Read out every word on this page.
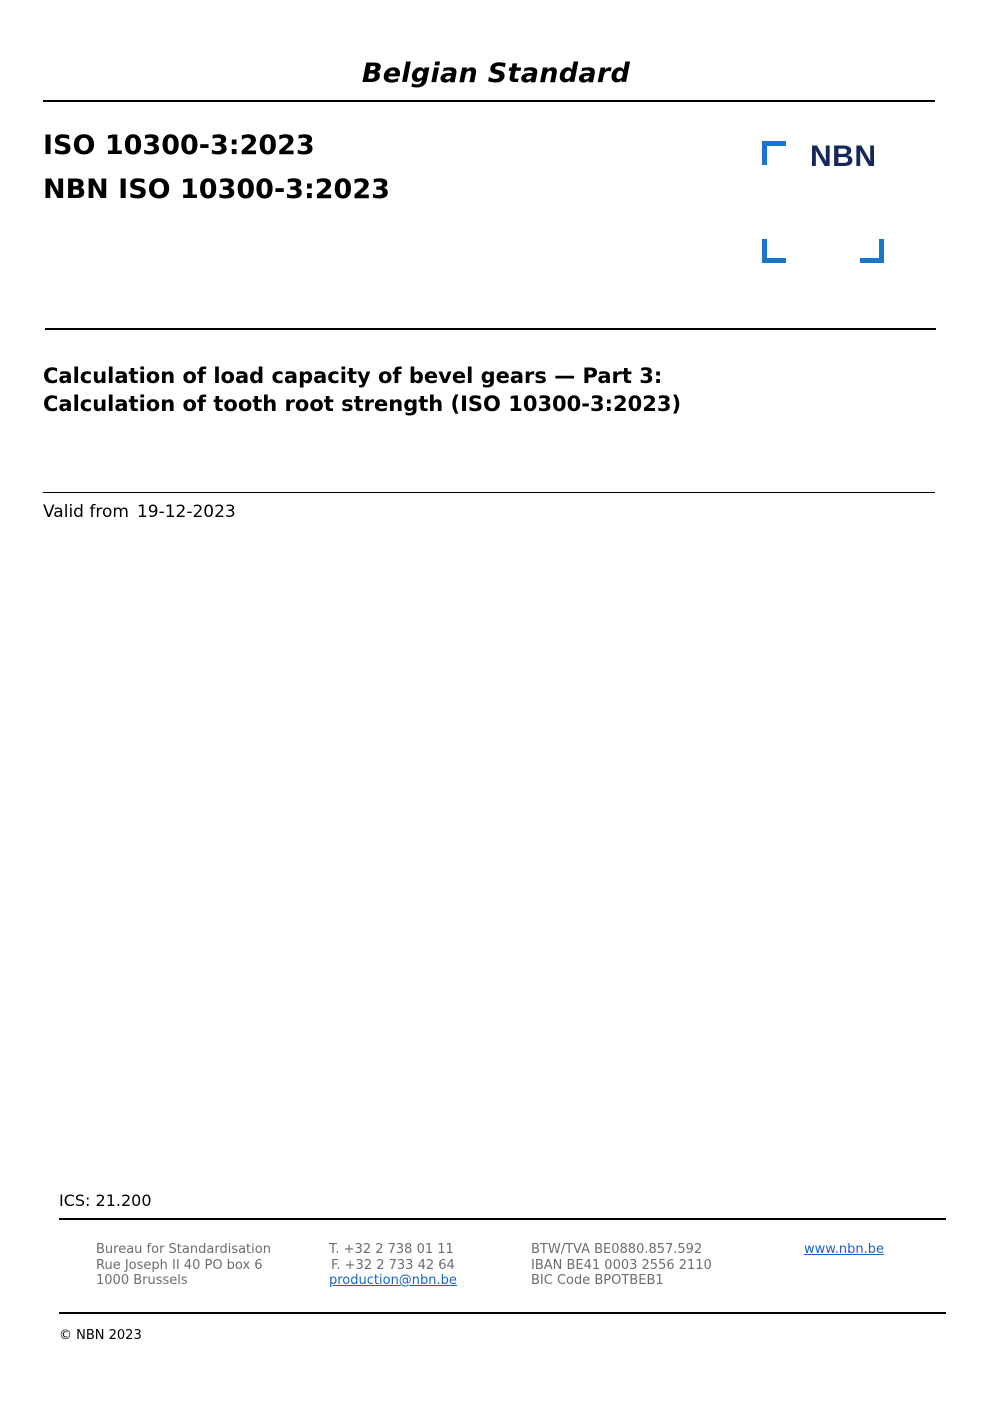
Belgian Standard
ISO 10300-3:2023
NBN ISO 10300-3:2023
NBN
Calculation of load capacity of bevel gears — Part 3:
Calculation of tooth root strength (ISO 10300-3:2023)
Valid from 19-12-2023
ICS: 21.200
Bureau for Standardisation
Rue Joseph II 40 PO box 6
1000 Brussels
T. +32 2 738 01 11
F. +32 2 733 42 64
production@nbn.be
BTW/TVA BE0880.857.592
IBAN BE41 0003 2556 2110
BIC Code BPOTBEB1
www.nbn.be
© NBN 2023
